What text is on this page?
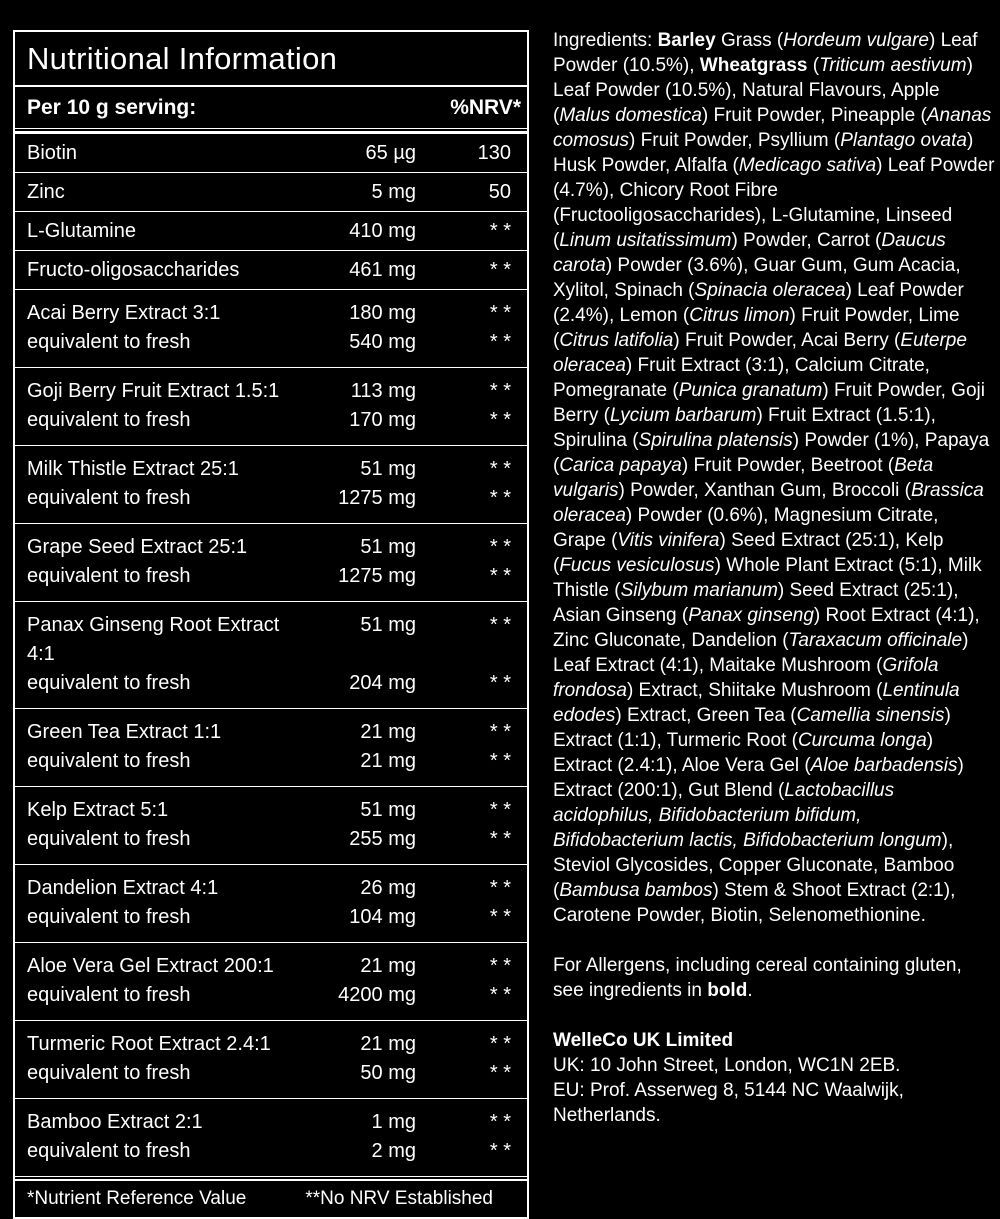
Nutritional Information
Per 10 g serving:	%NRV*
Biotin	65 µg	130
Zinc	5 mg	50
L-Glutamine	410 mg	* *
Fructo-oligosaccharides	461 mg	* *
Acai Berry Extract 3:1	180 mg	* *
equivalent to fresh	540 mg	* *
Goji Berry Fruit Extract 1.5:1	113 mg	* *
equivalent to fresh	170 mg	* *
Milk Thistle Extract 25:1	51 mg	* *
equivalent to fresh	1275 mg	* *
Grape Seed Extract 25:1	51 mg	* *
equivalent to fresh	1275 mg	* *
Panax Ginseng Root Extract 4:1
51 mg	* *
equivalent to fresh	204 mg	* *
Green Tea Extract 1:1	21 mg	* *
equivalent to fresh	21 mg	* *
Kelp Extract 5:1	51 mg	* *
equivalent to fresh	255 mg	* *
Dandelion Extract 4:1	26 mg	* *
equivalent to fresh	104 mg	* *
Aloe Vera Gel Extract 200:1	21 mg	* *
equivalent to fresh	4200 mg	* *
Turmeric Root Extract 2.4:1	21 mg	* *
equivalent to fresh	50 mg	* *
Bamboo Extract 2:1	1 mg	* *
equivalent to fresh	2 mg	* *
*Nutrient Reference Value	**No NRV Established

Ingredients: Barley Grass (Hordeum vulgare) Leaf Powder (10.5%), Wheatgrass (Triticum aestivum) Leaf Powder (10.5%), Natural Flavours, Apple (Malus domestica) Fruit Powder, Pineapple (Ananas comosus) Fruit Powder, Psyllium (Plantago ovata) Husk Powder, Alfalfa (Medicago sativa) Leaf Powder (4.7%), Chicory Root Fibre (Fructooligosaccharides), L-Glutamine, Linseed (Linum usitatissimum) Powder, Carrot (Daucus carota) Powder (3.6%), Guar Gum, Gum Acacia, Xylitol, Spinach (Spinacia oleracea) Leaf Powder (2.4%), Lemon (Citrus limon) Fruit Powder, Lime (Citrus latifolia) Fruit Powder, Acai Berry (Euterpe oleracea) Fruit Extract (3:1), Calcium Citrate, Pomegranate (Punica granatum) Fruit Powder, Goji Berry (Lycium barbarum) Fruit Extract (1.5:1), Spirulina (Spirulina platensis) Powder (1%), Papaya (Carica papaya) Fruit Powder, Beetroot (Beta vulgaris) Powder, Xanthan Gum, Broccoli (Brassica oleracea) Powder (0.6%), Magnesium Citrate, Grape (Vitis vinifera) Seed Extract (25:1), Kelp (Fucus vesiculosus) Whole Plant Extract (5:1), Milk Thistle (Silybum marianum) Seed Extract (25:1), Asian Ginseng (Panax ginseng) Root Extract (4:1), Zinc Gluconate, Dandelion (Taraxacum officinale) Leaf Extract (4:1), Maitake Mushroom (Grifola frondosa) Extract, Shiitake Mushroom (Lentinula edodes) Extract, Green Tea (Camellia sinensis) Extract (1:1), Turmeric Root (Curcuma longa) Extract (2.4:1), Aloe Vera Gel (Aloe barbadensis) Extract (200:1), Gut Blend (Lactobacillus acidophilus, Bifidobacterium bifidum, Bifidobacterium lactis, Bifidobacterium longum), Steviol Glycosides, Copper Gluconate, Bamboo (Bambusa bambos) Stem & Shoot Extract (2:1), Carotene Powder, Biotin, Selenomethionine.

For Allergens, including cereal containing gluten, see ingredients in bold.

WelleCo UK Limited
UK: 10 John Street, London, WC1N 2EB.
EU: Prof. Asserweg 8, 5144 NC Waalwijk, Netherlands.
